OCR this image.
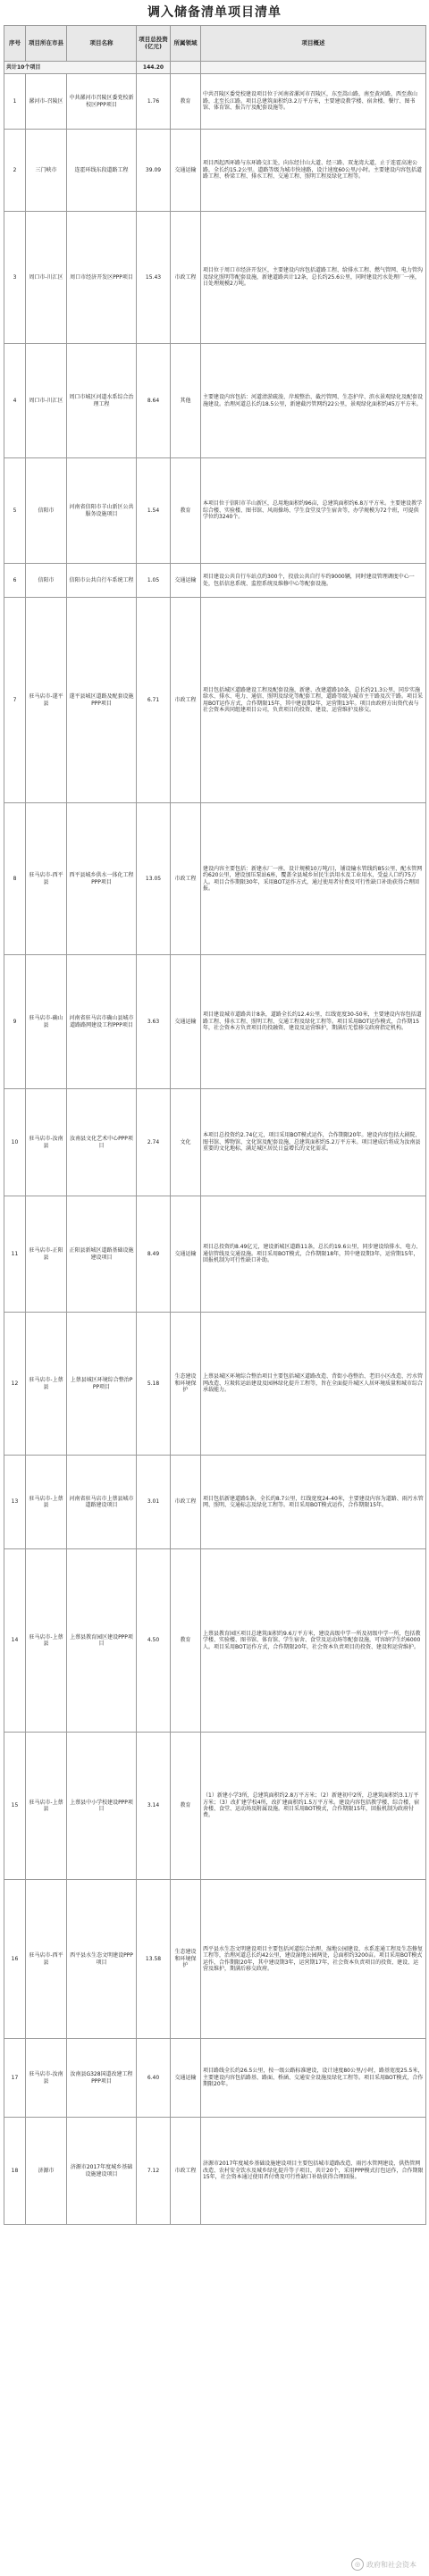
调入储备清单项目清单
序号	项目所在市县	项目名称	项目总投资(亿元)	所属领域	项目概述
共计10个项目			144.20		
1	漯河市-召陵区	中共漯河市召陵区委党校新校区PPP项目	1.76	教育	中共召陵区委党校建设项目位于河南省漯河市召陵区，东至嵩山路，南至黄河路，西至燕山路，北至长江路。项目总建筑面积约3.2万平方米，主要建设教学楼、宿舍楼、餐厅、图书馆、体育馆、报告厅及配套设施等。
2	三门峡市	连霍环线东段道路工程	39.09	交通运输	项目西起西环路与东环路交汇处，向东经甘山大道、经三路、双龙湾大道，止于连霍高速公路，全长约15.2公里。道路等级为城市快速路，设计速度60公里/小时。主要建设内容包括道路工程、桥梁工程、排水工程、交通工程、照明工程及绿化工程等。
3	周口市-川汇区	周口市经济开发区PPP项目	15.43	市政工程	项目位于周口市经济开发区，主要建设内容包括道路工程、给排水工程、燃气管网、电力管沟及绿化照明等配套设施，新建道路共计12条，总长约25.6公里，同时建设污水处理厂一座，日处理规模2万吨。
4	周口市-川汇区	周口市城区河道水系综合治理工程	8.64	其他	主要建设内容包括：河道清淤疏浚、岸坡整治、截污管网、生态护岸、滨水景观绿化及配套设施建设。治理河道总长约18.5公里，新建截污管网约22公里，景观绿化面积约45万平方米。
5	信阳市	河南省信阳市羊山新区公共服务设施项目	1.54	教育	本项目位于信阳市羊山新区，总用地面积约96亩，总建筑面积约6.8万平方米。主要建设教学综合楼、实验楼、图书馆、风雨操场、学生食堂及学生宿舍等，办学规模为72个班，可提供学位约3240个。
6	信阳市	信阳市公共自行车系统工程	1.05	交通运输	项目建设公共自行车站点约300个，投放公共自行车约9000辆，同时建设管理调度中心一处，包括信息系统、监控系统及维修中心等配套设施。
7	驻马店市-遂平县	遂平县城区道路及配套设施PPP项目	6.71	市政工程	项目包括城区道路建设工程及配套设施，新建、改建道路10条，总长约21.3公里，同步实施给水、排水、电力、通信、照明及绿化等配套工程，道路等级为城市主干路及次干路。项目采用BOT运作方式，合作期限15年，其中建设期2年，运营期13年。项目由政府方出资代表与社会资本共同组建项目公司，负责项目的投资、建设、运营维护及移交。
8	驻马店市-西平县	西平县城乡供水一体化工程PPP项目	13.05	市政工程	建设内容主要包括：新建水厂一座，设计规模10万吨/日，铺设输水管线约85公里，配水管网约620公里，建设加压泵站6座，覆盖全县城乡居民生活用水及工业用水，受益人口约75万人。项目合作期限30年，采用BOT运作方式，通过使用者付费及可行性缺口补助获得合理回报。
9	驻马店市-确山县	河南省驻马店市确山县城市道路路网建设工程PPP项目	3.63	交通运输	项目建设城市道路共计8条，道路全长约12.4公里，红线宽度30-50米，主要建设内容包括道路工程、排水工程、照明工程、交通工程及绿化工程等。项目采用BOT运作模式，合作期15年，社会资本方负责项目的投融资、建设及运营维护，期满后无偿移交政府指定机构。
10	驻马店市-汝南县	汝南县文化艺术中心PPP项目	2.74	文化	本项目总投资约2.74亿元，项目采用BOT模式运作，合作期限20年。建设内容包括大剧院、图书馆、博物馆、文化馆及配套设施，总建筑面积约5.2万平方米。项目建成后将成为汝南县重要的文化地标，满足城区居民日益增长的文化需求。
11	驻马店市-正阳县	正阳县新城区道路基础设施建设项目	8.49	交通运输	项目总投资约8.49亿元，建设新城区道路11条，总长约19.6公里，同步建设给排水、电力、通信管线及交通设施。项目采用BOT模式，合作期限18年，其中建设期3年，运营期15年，回报机制为可行性缺口补助。
12	驻马店市-上蔡县	上蔡县城区环境综合整治PPP项目	5.18	生态建设和环境保护	上蔡县城区环境综合整治项目主要包括城区道路改造、背街小巷整治、老旧小区改造、污水管网改造、垃圾转运站建设及园林绿化提升工程等，旨在全面提升城区人居环境质量和城市综合承载能力。
13	驻马店市-上蔡县	河南省驻马店市上蔡县城市道路建设项目	3.01	市政工程	项目包括新建道路5条，全长约8.7公里，红线宽度24-40米，主要建设内容为道路、雨污水管网、照明、交通标志及绿化工程等。项目采用BOT模式运作，合作期限15年。
14	驻马店市-上蔡县	上蔡县教育园区建设PPP项目	4.50	教育	上蔡县教育园区项目总建筑面积约9.6万平方米，建设高级中学一所及初级中学一所，包括教学楼、实验楼、图书馆、体育馆、学生宿舍、食堂及运动场等配套设施，可容纳学生约6000人。项目采用BOT运作方式，合作期限20年，社会资本负责项目的投资、建设和运营维护。
15	驻马店市-上蔡县	上蔡县中小学校建设PPP项目	3.14	教育	（1）新建小学3所，总建筑面积约2.8万平方米；（2）新建初中2所，总建筑面积约3.1万平方米；（3）改扩建学校4所，改扩建面积约1.5万平方米。建设内容包括教学楼、综合楼、宿舍楼、食堂、运动场及附属设施。项目采用BOT模式，合作期限15年，回报机制为政府付费。
16	驻马店市-西平县	西平县水生态文明建设PPP项目	13.58	生态建设和环境保护	西平县水生态文明建设项目主要包括河道综合治理、湿地公园建设、水系连通工程及生态修复工程等，治理河道总长约42公里，建设湿地公园两处，总面积约3200亩。项目采用BOT模式运作，合作期限20年，其中建设期3年，运营期17年，社会资本负责项目的投资、建设、运营及维护，期满后移交政府。
17	驻马店市-汝南县	汝南县G328国道改建工程PPP项目	6.40	交通运输	项目路线全长约26.5公里，按一级公路标准建设，设计速度80公里/小时，路基宽度25.5米，主要建设内容包括路基、路面、桥涵、交通安全设施及绿化工程等。项目采用BOT模式，合作期限20年。
18	济源市	济源市2017年度城乡基础设施建设项目	7.12	市政工程	济源市2017年度城乡基础设施建设项目主要包括城市道路改造、雨污水管网建设、供热管网改造、农村安全饮水及城乡绿化提升等子项目，共计20个，采用PPP模式打包运作，合作期限15年，社会资本通过使用者付费及可行性缺口补助获得合理回报。
◎ 政府和社会资本
